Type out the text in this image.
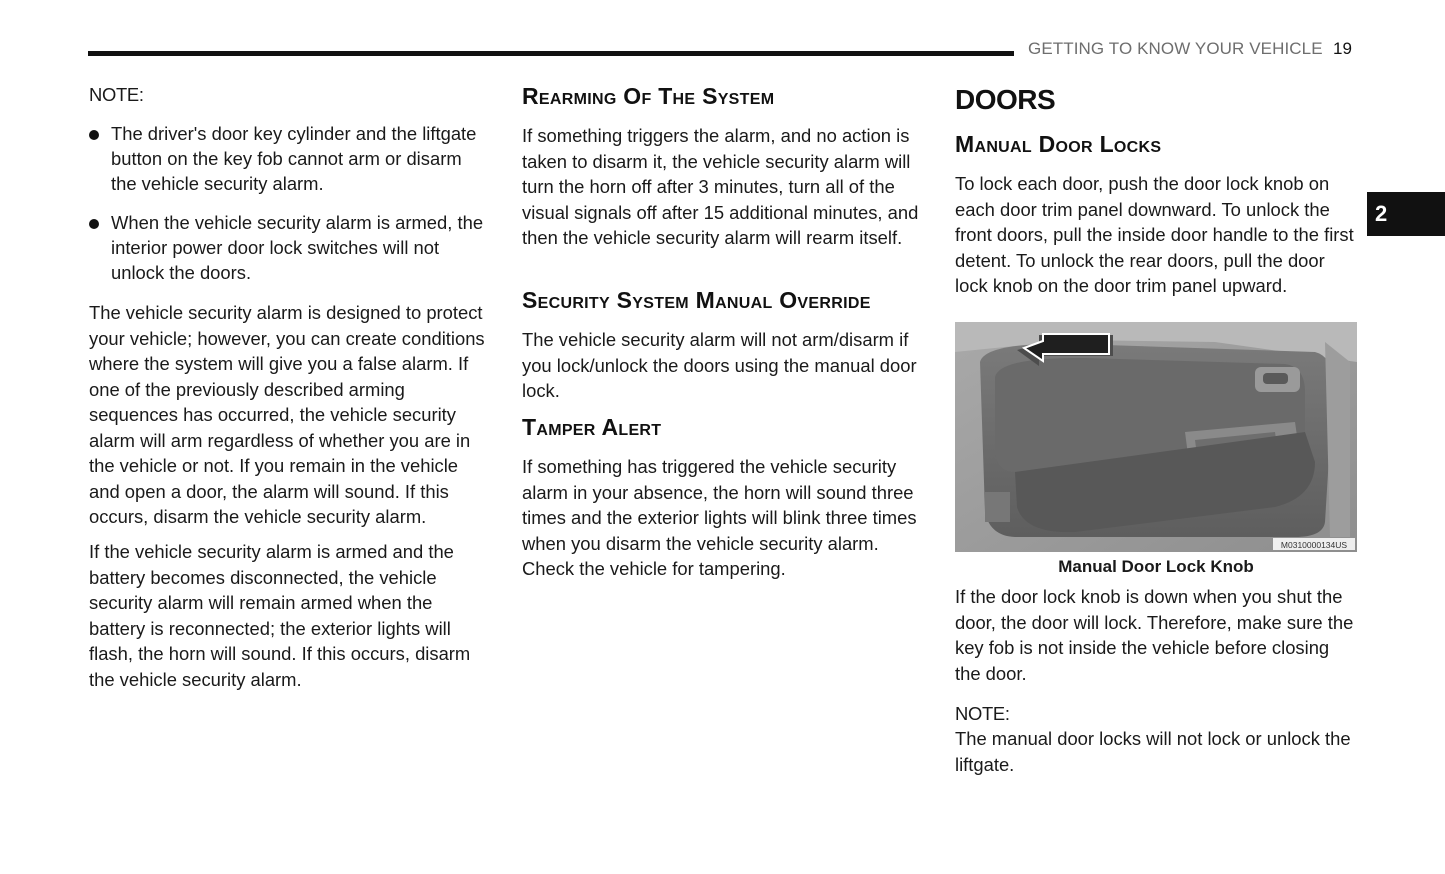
GETTING TO KNOW YOUR VEHICLE 19
2
NOTE:
The driver's door key cylinder and the liftgate button on the key fob cannot arm or disarm the vehicle security alarm.
When the vehicle security alarm is armed, the interior power door lock switches will not unlock the doors.

The vehicle security alarm is designed to protect your vehicle; however, you can create conditions where the system will give you a false alarm. If one of the previously described arming sequences has occurred, the vehicle security alarm will arm regardless of whether you are in the vehicle or not. If you remain in the vehicle and open a door, the alarm will sound. If this occurs, disarm the vehicle security alarm.

If the vehicle security alarm is armed and the battery becomes disconnected, the vehicle security alarm will remain armed when the battery is reconnected; the exterior lights will flash, the horn will sound. If this occurs, disarm the vehicle security alarm.

Rearming Of The System

If something triggers the alarm, and no action is taken to disarm it, the vehicle security alarm will turn the horn off after 3 minutes, turn all of the visual signals off after 15 additional minutes, and then the vehicle security alarm will rearm itself.

Security System Manual Override

The vehicle security alarm will not arm/disarm if you lock/unlock the doors using the manual door lock.

Tamper Alert

If something has triggered the vehicle security alarm in your absence, the horn will sound three times and the exterior lights will blink three times when you disarm the vehicle security alarm. Check the vehicle for tampering.

DOORS
Manual Door Locks

To lock each door, push the door lock knob on each door trim panel downward. To unlock the front doors, pull the inside door handle to the first detent. To unlock the rear doors, pull the door lock knob on the door trim panel upward.

M0310000134US
Manual Door Lock Knob

If the door lock knob is down when you shut the door, the door will lock. Therefore, make sure the key fob is not inside the vehicle before closing the door.

NOTE:

The manual door locks will not lock or unlock the liftgate.
